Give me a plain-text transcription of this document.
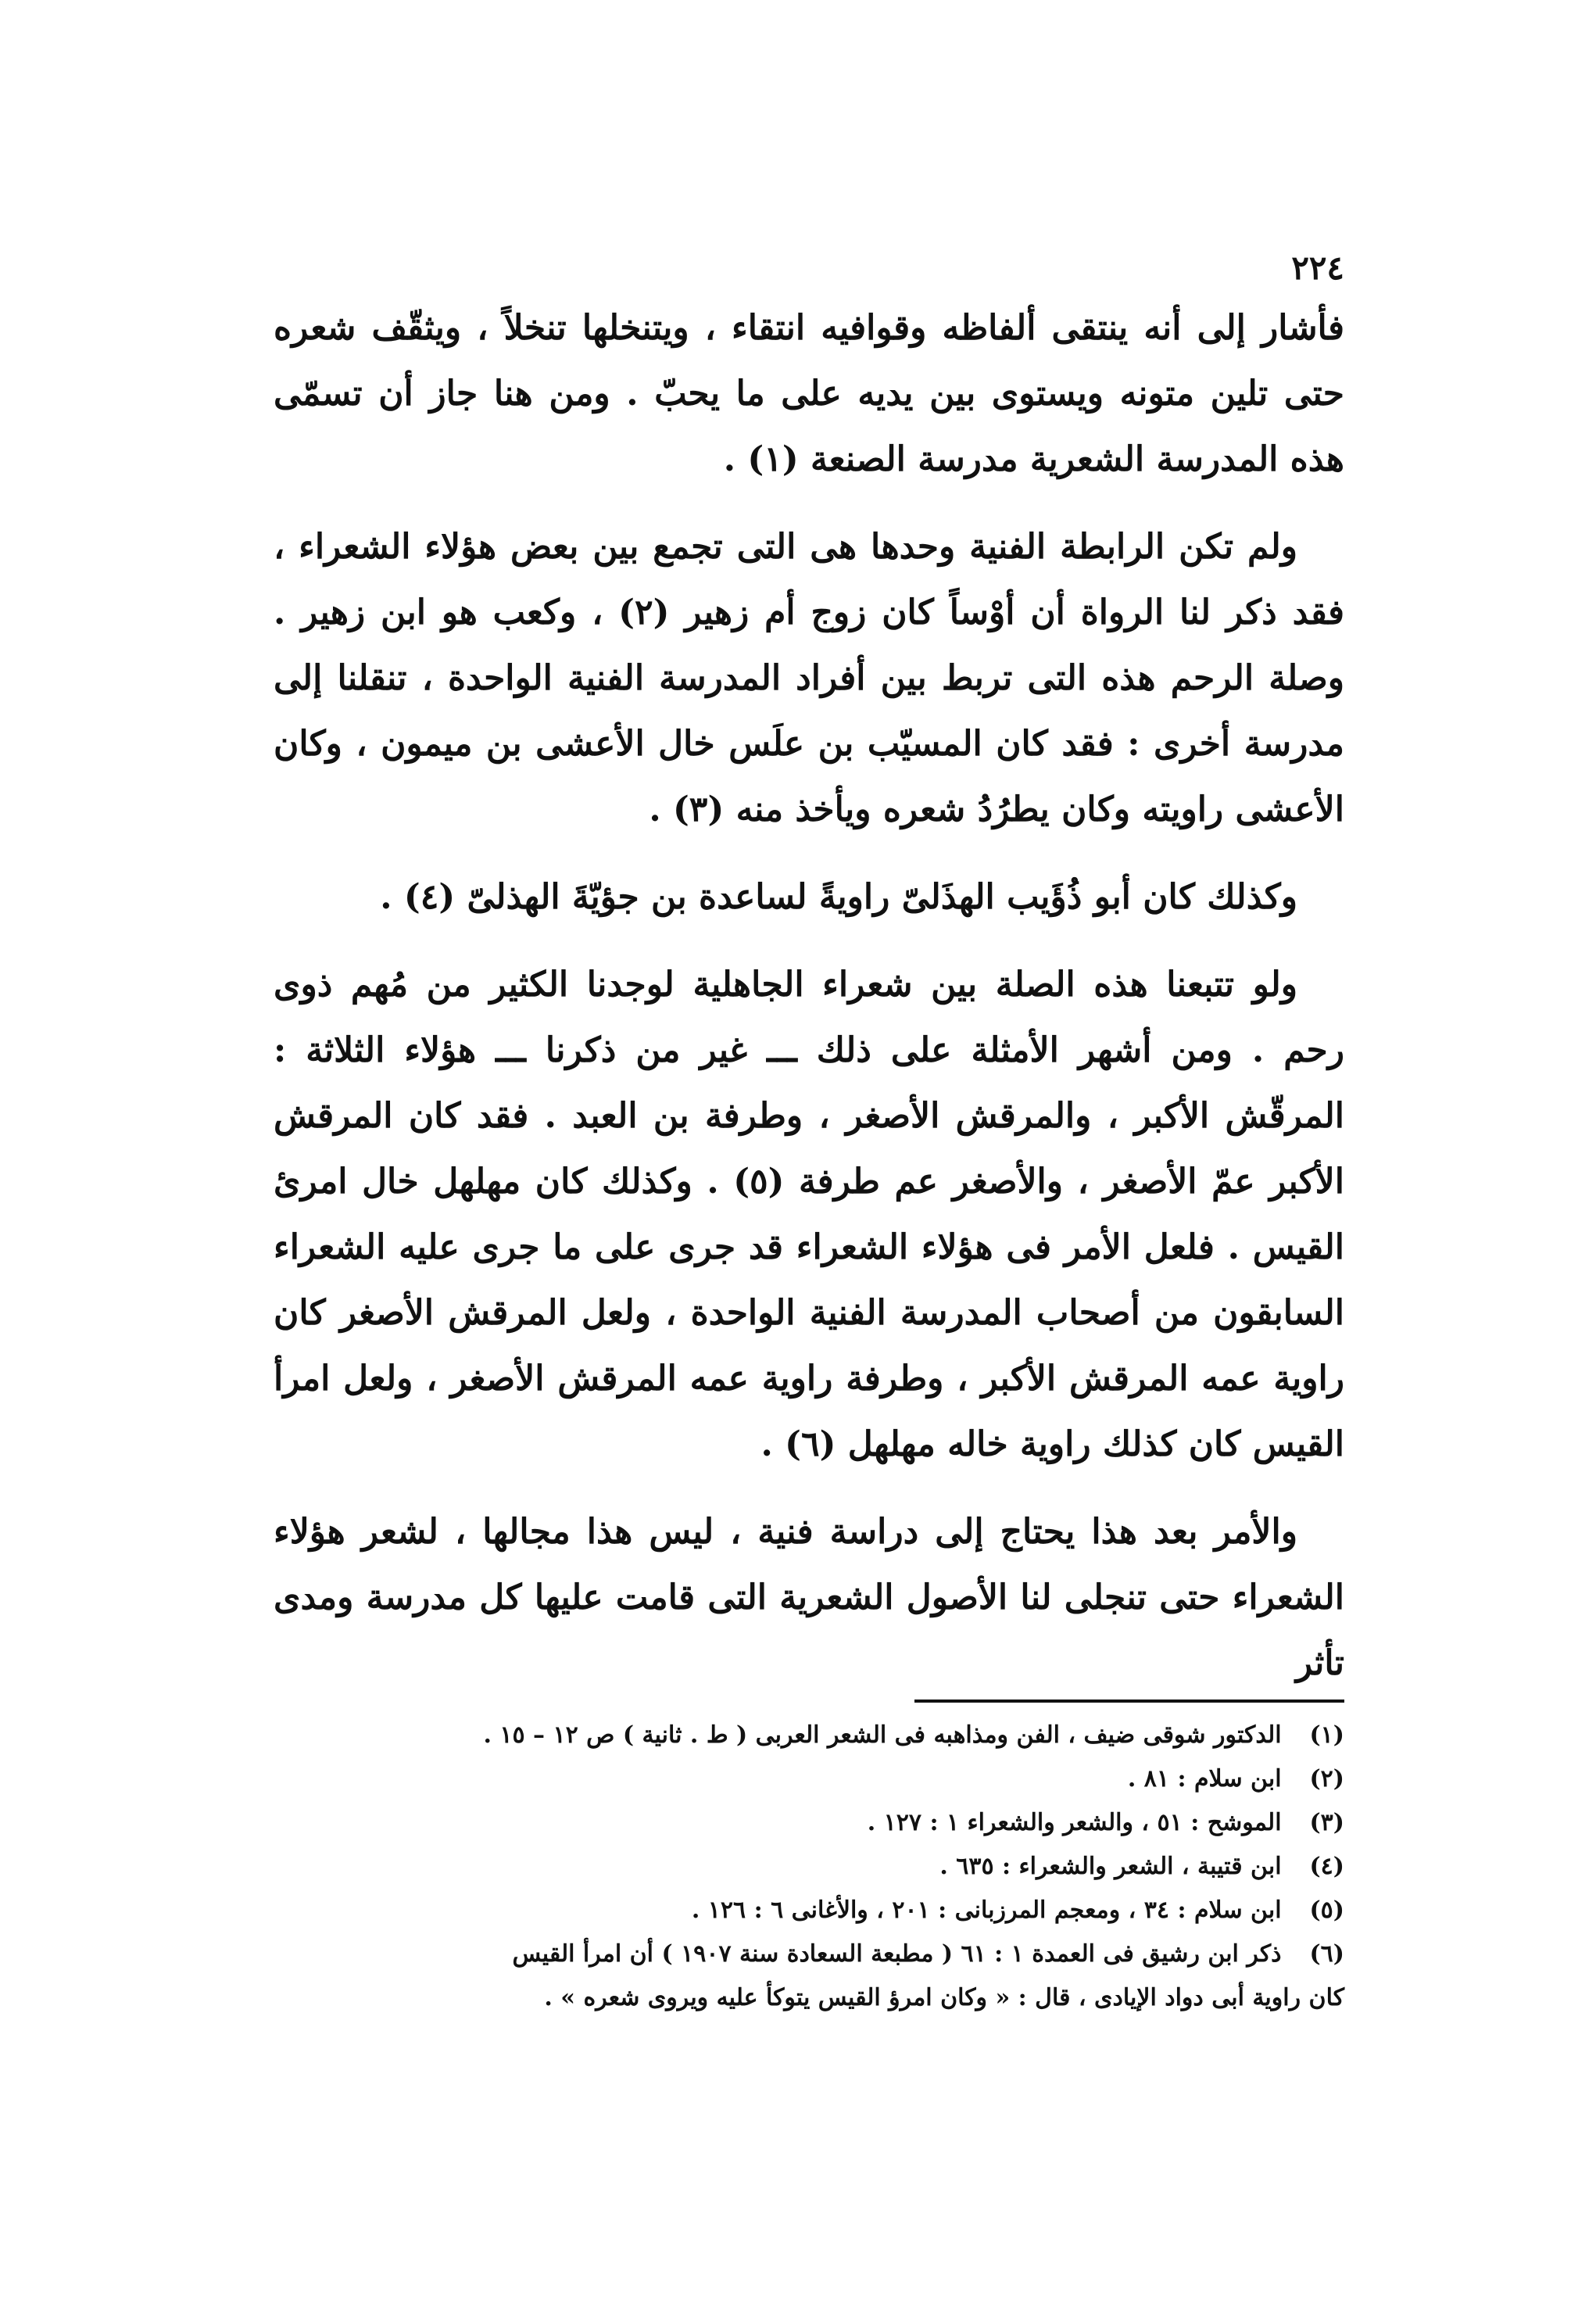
٢٢٤

فأشار إلى أنه ينتقى ألفاظه وقوافيه انتقاء ، ويتنخلها تنخلاً ، ويثقّف شعره حتى تلين متونه ويستوى بين يديه على ما يحبّ . ومن هنا جاز أن تسمّى هذه المدرسة الشعرية مدرسة الصنعة (١) .

ولم تكن الرابطة الفنية وحدها هى التى تجمع بين بعض هؤلاء الشعراء ، فقد ذكر لنا الرواة أن أوْساً كان زوج أم زهير (٢) ، وكعب هو ابن زهير . وصلة الرحم هذه التى تربط بين أفراد المدرسة الفنية الواحدة ، تنقلنا إلى مدرسة أخرى : فقد كان المسيّب بن علَس خال الأعشى بن ميمون ، وكان الأعشى راويته وكان يطرُدُ شعره ويأخذ منه (٣) .

وكذلك كان أبو ذُؤَيب الهذَلىّ راويةً لساعدة بن جؤيّةَ الهذلىّ (٤) .

ولو تتبعنا هذه الصلة بين شعراء الجاهلية لوجدنا الكثير من مُهم ذوى رحم . ومن أشهر الأمثلة على ذلك ـــ غير من ذكرنا ـــ هؤلاء الثلاثة : المرقّش الأكبر ، والمرقش الأصغر ، وطرفة بن العبد . فقد كان المرقش الأكبر عمّ الأصغر ، والأصغر عم طرفة (٥) . وكذلك كان مهلهل خال امرئ القيس . فلعل الأمر فى هؤلاء الشعراء قد جرى على ما جرى عليه الشعراء السابقون من أصحاب المدرسة الفنية الواحدة ، ولعل المرقش الأصغر كان راوية عمه المرقش الأكبر ، وطرفة راوية عمه المرقش الأصغر ، ولعل امرأ القيس كان كذلك راوية خاله مهلهل (٦) .

والأمر بعد هذا يحتاج إلى دراسة فنية ، ليس هذا مجالها ، لشعر هؤلاء الشعراء حتى تنجلى لنا الأصول الشعرية التى قامت عليها كل مدرسة ومدى تأثر

(١) الدكتور شوقى ضيف ، الفن ومذاهبه فى الشعر العربى ( ط . ثانية ) ص ١٢ – ١٥ .

(٢) ابن سلام : ٨١ .

(٣) الموشح : ٥١ ، والشعر والشعراء ١ : ١٢٧ .

(٤) ابن قتيبة ، الشعر والشعراء : ٦٣٥ .

(٥) ابن سلام : ٣٤ ، ومعجم المرزبانى : ٢٠١ ، والأغانى ٦ : ١٢٦ .

(٦) ذكر ابن رشيق فى العمدة ١ : ٦١ ( مطبعة السعادة سنة ١٩٠٧ ) أن امرأ القيس

كان راوية أبى دواد الإيادى ، قال : « وكان امرؤ القيس يتوكأ عليه ويروى شعره » .
